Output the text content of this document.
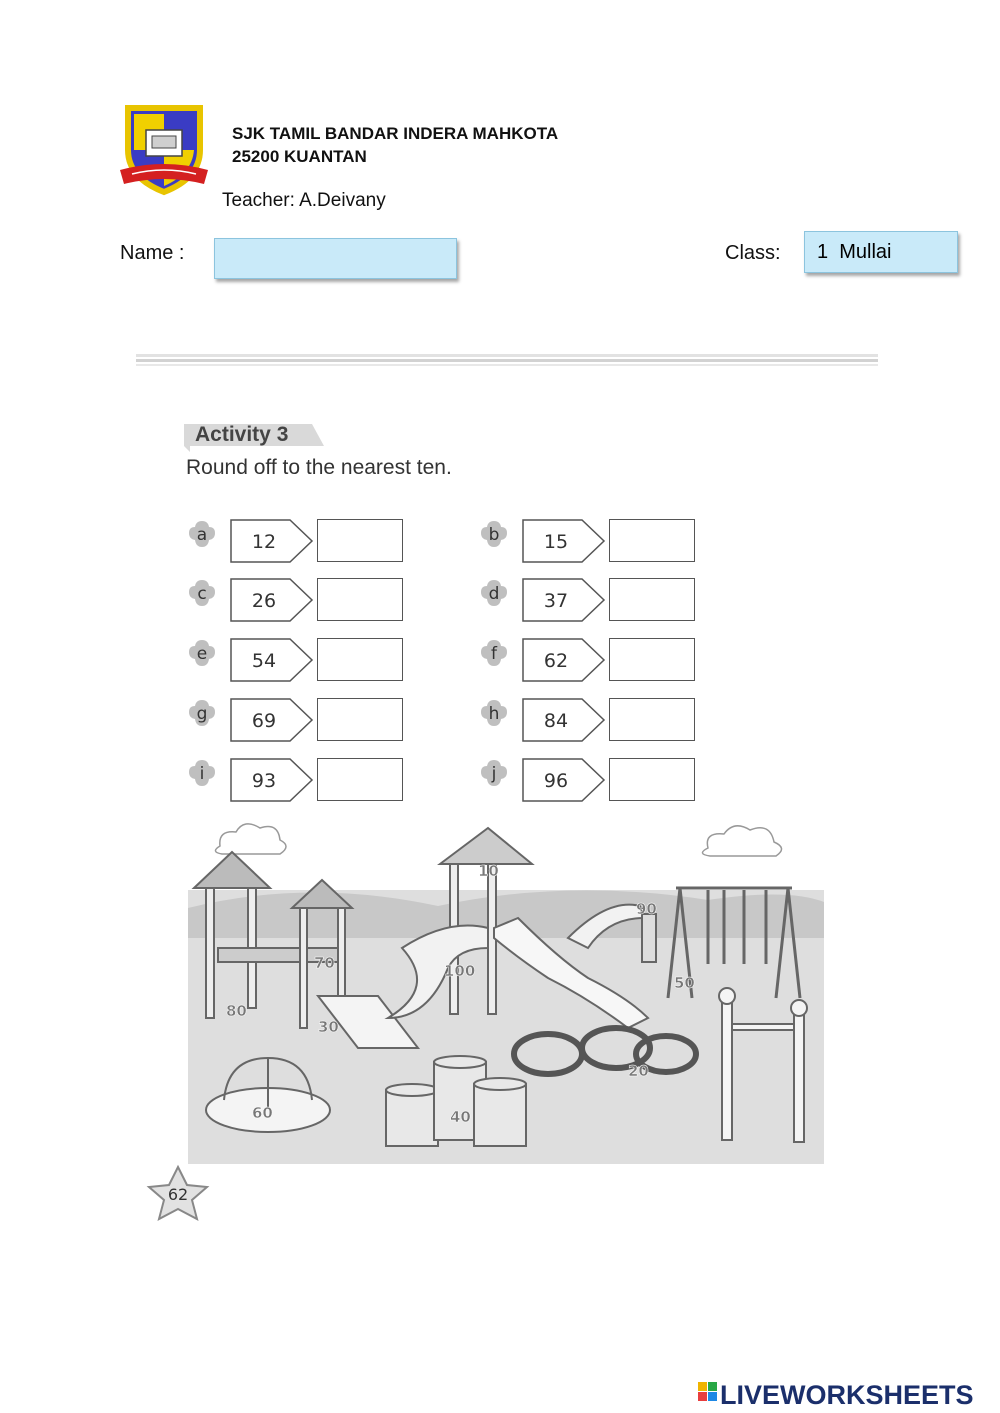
SJK TAMIL BANDAR INDERA MAHKOTA
25200 KUANTAN
Teacher: A.Deivany
Name :	Class:
1 Mullai
Activity 3
Round off to the nearest ten.
a 12	b 15
c 26	d 37
e 54	f 62
g 69	h 84
i	93	j	96
10
20
30
40
50
60
70
80
90
100
62
LIVEWORKSHEETS
